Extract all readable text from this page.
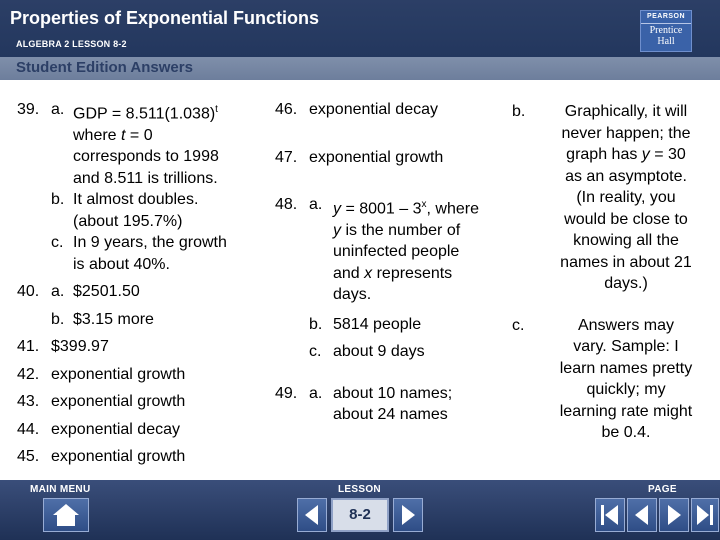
Properties of Exponential Functions
ALGEBRA 2 LESSON 8-2
PEARSON
Prentice
Hall
Student Edition Answers
39. a. GDP = $8.511(1.038)^t$
where t = 0
corresponds to 1998
and 8.511 is trillions.
b. It almost doubles.
(about 195.7%)
c. In 9 years, the growth
is about 40%.
40. a. $2501.50
b. $3.15 more
41. $399.97
42. exponential growth
43. exponential growth
44. exponential decay
45. exponential growth
46. exponential decay
47. exponential growth
48. a. y = 8001 – 3$^x$, where
y is the number of
uninfected people
and x represents
days.
b. 5814 people
c. about 9 days
49. a. about 10 names;
about 24 names
b.	Graphically, it will
never happen; the
graph has y = 30
as an asymptote.
(In reality, you
would be close to
knowing all the
names in about 21
days.)
c.	Answers may
vary. Sample: I
learn names pretty
quickly; my
learning rate might
be 0.4.
MAIN MENU	LESSON	PAGE
8-2
